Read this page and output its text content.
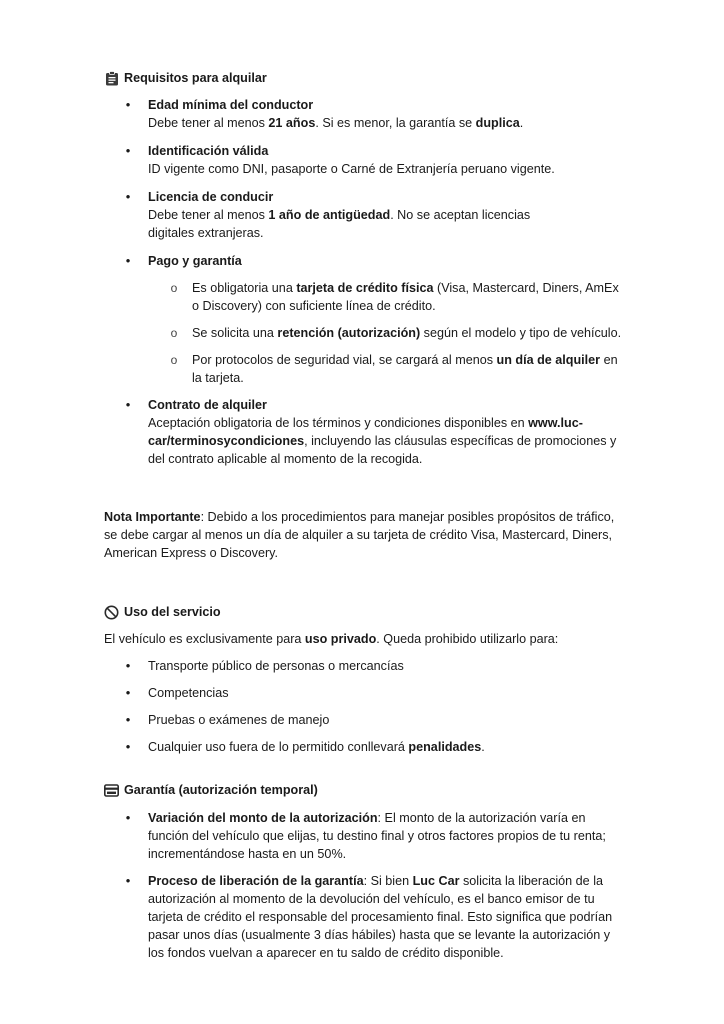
Requisitos para alquilar
• Edad mínima del conductor

Debe tener al menos 21 años. Si es menor, la garantía se duplica.

• Identificación válida

ID vigente como DNI, pasaporte o Carné de Extranjería peruano vigente.

• Licencia de conducir

Debe tener al menos 1 año de antigüedad. No se aceptan licencias digitales extranjeras.

• Pago y garantía
o Es obligatoria una tarjeta de crédito física (Visa, Mastercard, Diners, AmEx o Discovery) con suficiente línea de crédito.

o Se solicita una retención (autorización) según el modelo y tipo de vehículo.

o Por protocolos de seguridad vial, se cargará al menos un día de alquiler en la tarjeta.

• Contrato de alquiler

Aceptación obligatoria de los términos y condiciones disponibles en www.luc-car/terminosycondiciones, incluyendo las cláusulas específicas de promociones y del contrato aplicable al momento de la recogida.

Nota Importante: Debido a los procedimientos para manejar posibles propósitos de tráfico, se debe cargar al menos un día de alquiler a su tarjeta de crédito Visa, Mastercard, Diners, American Express o Discovery.

Uso del servicio

El vehículo es exclusivamente para uso privado. Queda prohibido utilizarlo para:

• Transporte público de personas o mercancías

• Competencias

• Pruebas o exámenes de manejo

• Cualquier uso fuera de lo permitido conllevará penalidades.

Garantía (autorización temporal)
• Variación del monto de la autorización: El monto de la autorización varía en función del vehículo que elijas, tu destino final y otros factores propios de tu renta; incrementándose hasta en un 50%.

• Proceso de liberación de la garantía: Si bien Luc Car solicita la liberación de la autorización al momento de la devolución del vehículo, es el banco emisor de tu tarjeta de crédito el responsable del procesamiento final. Esto significa que podrían pasar unos días (usualmente 3 días hábiles) hasta que se levante la autorización y los fondos vuelvan a aparecer en tu saldo de crédito disponible.
